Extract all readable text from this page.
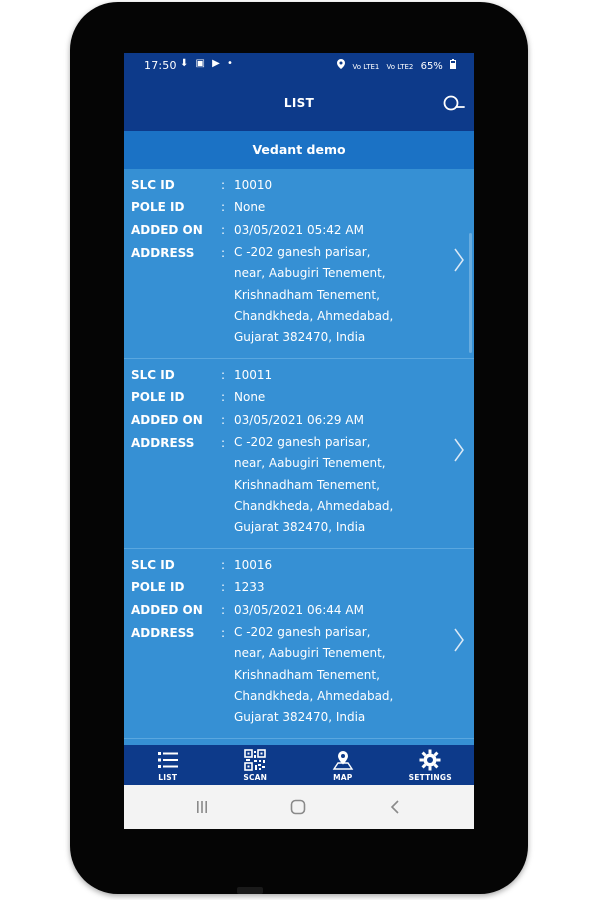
17:50 ⬇ ▣ ▶ •	Vo LTE1 Vo LTE2 65%
LIST
Vedant demo
SLC ID	: 10010
POLE ID	: None
ADDED ON : 03/05/2021 05:42 AM
ADDRESS : C -202 ganesh parisar,
near, Aabugiri Tenement,
Krishnadham Tenement,
Chandkheda, Ahmedabad,
Gujarat 382470, India
SLC ID	: 10011
POLE ID	: None
ADDED ON : 03/05/2021 06:29 AM
ADDRESS : C -202 ganesh parisar,
near, Aabugiri Tenement,
Krishnadham Tenement,
Chandkheda, Ahmedabad,
Gujarat 382470, India
SLC ID	: 10016
POLE ID	: 1233
ADDED ON : 03/05/2021 06:44 AM
ADDRESS : C -202 ganesh parisar,
near, Aabugiri Tenement,
Krishnadham Tenement,
Chandkheda, Ahmedabad,
Gujarat 382470, India
LIST	SCAN	MAP	SETTINGS
